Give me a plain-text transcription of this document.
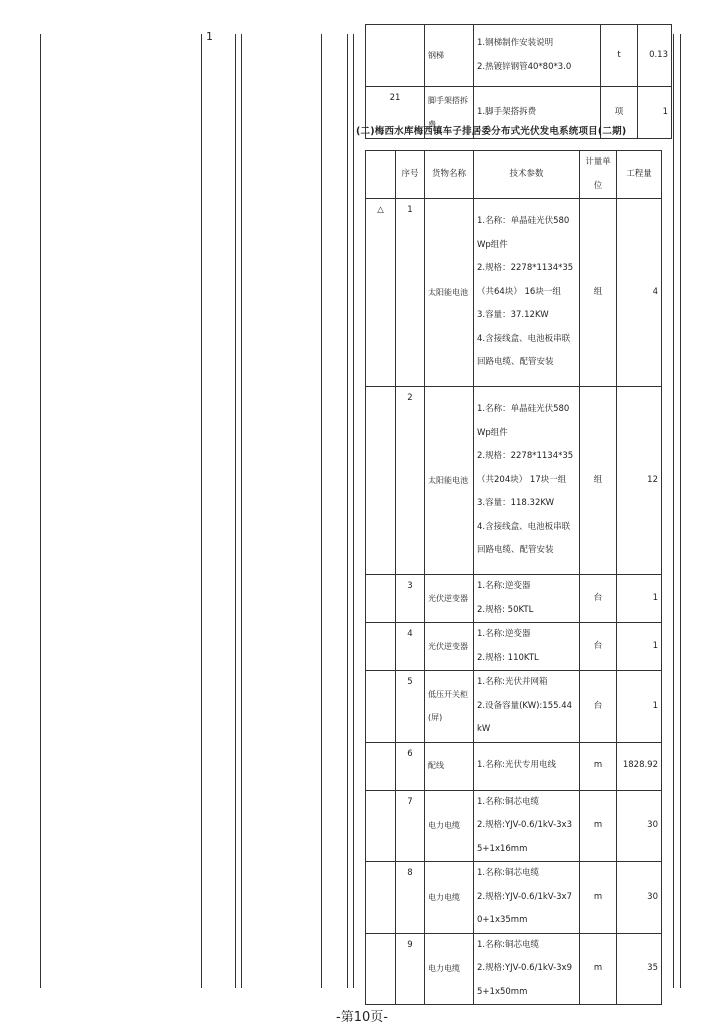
1
	钢梯	1.钢梯制作安装说明
2.热镀锌钢管40*80*3.0	t	0.13
21	脚手架搭拆费	1.脚手架搭拆费	项	1
(二)梅西水库梅西镇车子排居委分布式光伏发电系统项目(二期)
	序号	货物名称	技术参数	计量单位	工程量
△	1	太阳能电池	1.名称：单晶硅光伏580Wp组件
2.规格：2278*1134*35（共64块） 16块一组
3.容量：37.12KW
4.含接线盒、电池板串联回路电缆、配管安装	组	4
	2	太阳能电池	1.名称：单晶硅光伏580Wp组件
2.规格：2278*1134*35（共204块） 17块一组
3.容量：118.32KW
4.含接线盒、电池板串联回路电缆、配管安装	组	12
	3	光伏逆变器	1.名称:逆变器
2.规格: 50KTL	台	1
	4	光伏逆变器	1.名称:逆变器
2.规格: 110KTL	台	1
	5	低压开关柜(屏)	1.名称:光伏并网箱
2.设备容量(KW):155.44kW	台	1
	6	配线	1.名称:光伏专用电线	m	1828.92
	7	电力电缆	1.名称:铜芯电缆
2.规格:YJV-0.6/1kV-3x35+1x16mm	m	30
	8	电力电缆	1.名称:铜芯电缆
2.规格:YJV-0.6/1kV-3x70+1x35mm	m	30
	9	电力电缆	1.名称:铜芯电缆
2.规格:YJV-0.6/1kV-3x95+1x50mm	m	35
-第10页-
